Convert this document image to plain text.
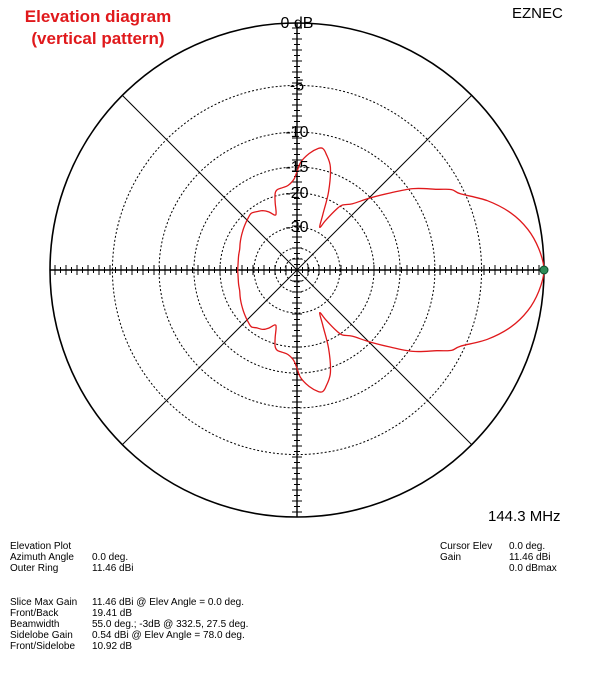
Elevation diagram
(vertical pattern)
EZNEC
0 dB
-5
-10
-15
-20
-30
144.3 MHz
Elevation Plot
Azimuth Angle 0.0 deg.
Outer Ring	11.46 dBi
Slice Max Gain 11.46 dBi @ Elev Angle = 0.0 deg.
Front/Back	19.41 dB
Beamwidth	55.0 deg.; -3dB @ 332.5, 27.5 deg.
Sidelobe Gain 0.54 dBi @ Elev Angle = 78.0 deg.
Front/Sidelobe 10.92 dB
Cursor Elev 0.0 deg.
Gain	11.46 dBi
0.0 dBmax
